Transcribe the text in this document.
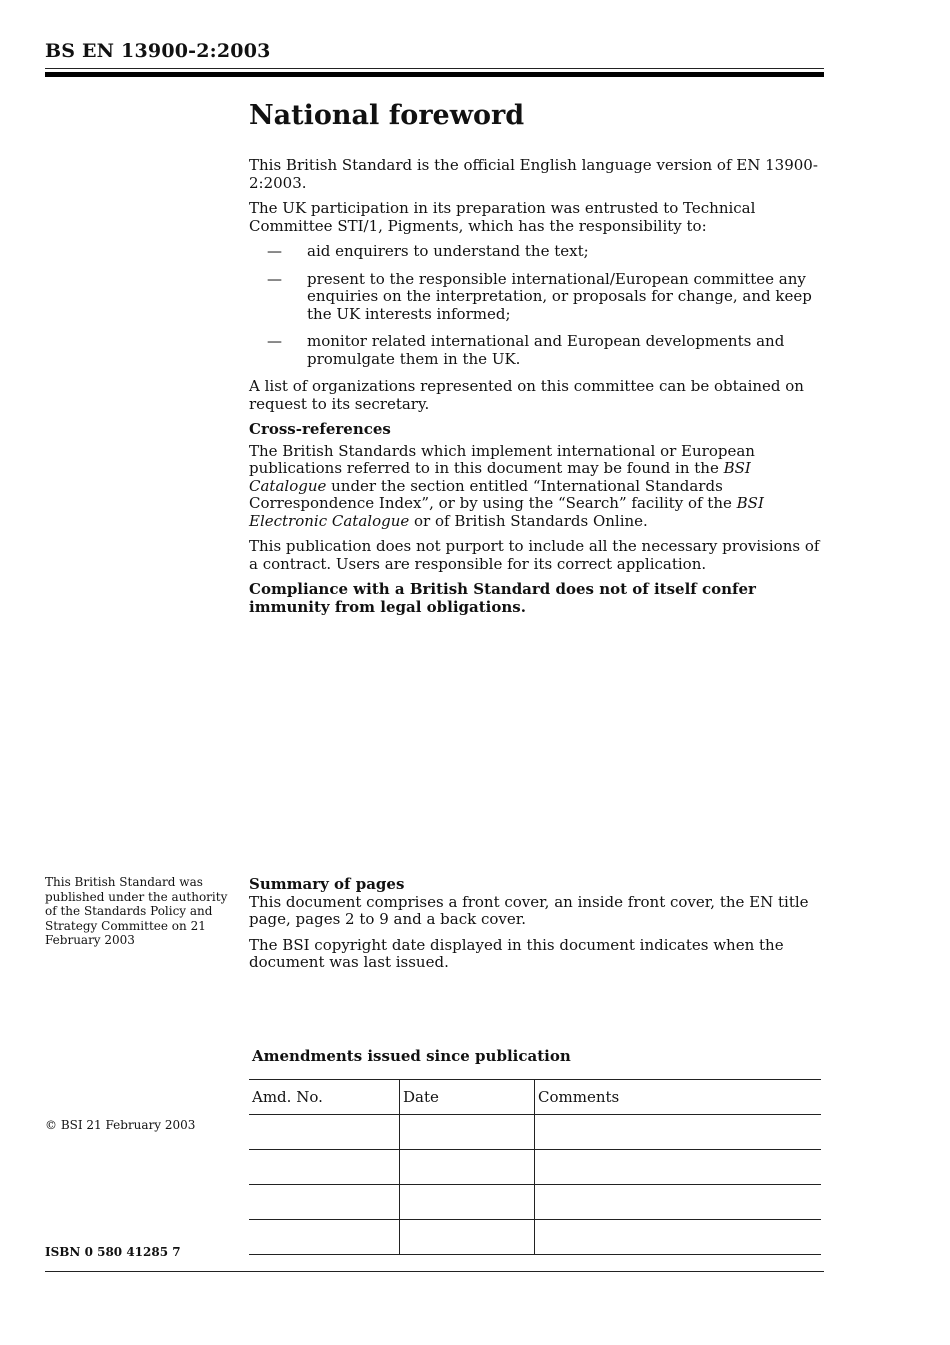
BS EN 13900-2:2003
National foreword

This British Standard is the official English language version of EN 13900-2:2003.

The UK participation in its preparation was entrusted to Technical Committee STI/1, Pigments, which has the responsibility to:

— aid enquirers to understand the text;
— present to the responsible international/European committee any enquiries on the interpretation, or proposals for change, and keep the UK interests informed;
— monitor related international and European developments and promulgate them in the UK.

A list of organizations represented on this committee can be obtained on request to its secretary.

Cross-references

The British Standards which implement international or European publications referred to in this document may be found in the BSI Catalogue under the section entitled “International Standards Correspondence Index”, or by using the “Search” facility of the BSI Electronic Catalogue or of British Standards Online.

This publication does not purport to include all the necessary provisions of a contract. Users are responsible for its correct application.

Compliance with a British Standard does not of itself confer immunity from legal obligations.

This British Standard was published under the authority of the Standards Policy and Strategy Committee on 21 February 2003

Summary of pages

This document comprises a front cover, an inside front cover, the EN title page, pages 2 to 9 and a back cover.

The BSI copyright date displayed in this document indicates when the document was last issued.

Amendments issued since publication
Amd. No.	Date	Comments

© BSI 21 February 2003
ISBN 0 580 41285 7
